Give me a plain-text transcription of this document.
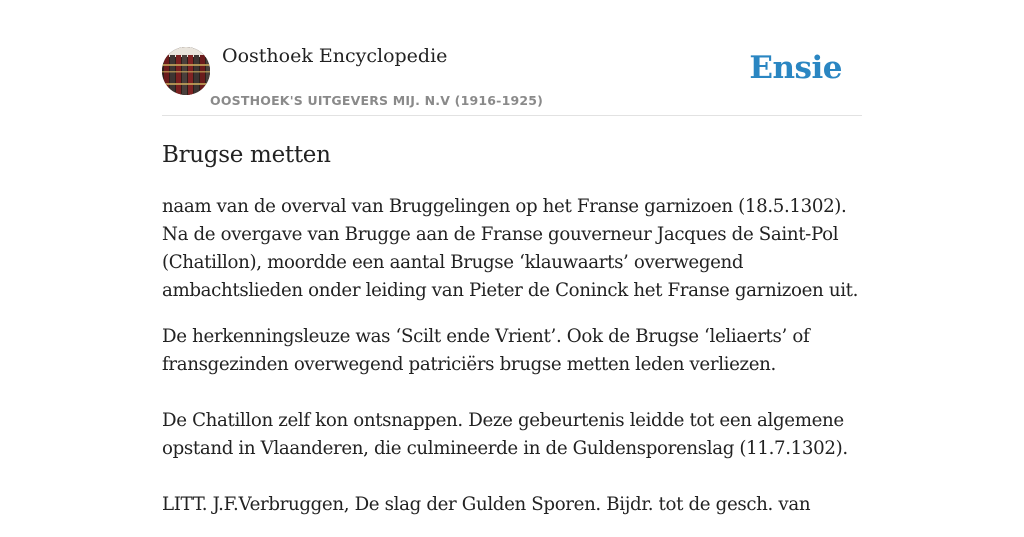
Oosthoek Encyclopedie
OOSTHOEK'S UITGEVERS MIJ. N.V (1916-1925)
Ensie
Brugse metten

naam van de overval van Bruggelingen op het Franse garnizoen (18.5.1302). Na de overgave van Brugge aan de Franse gouverneur Jacques de Saint-Pol (Chatillon), moordde een aantal Brugse ‘klauwaarts’ overwegend ambachtslieden onder leiding van Pieter de Coninck het Franse garnizoen uit.

De herkenningsleuze was ‘Scilt ende Vrient’. Ook de Brugse ‘leliaerts’ of fransgezinden overwegend patriciërs brugse metten leden verliezen.

De Chatillon zelf kon ontsnappen. Deze gebeurtenis leidde tot een algemene opstand in Vlaanderen, die culmineerde in de Guldensporenslag (11.7.1302).

LITT. J.F.Verbruggen, De slag der Gulden Sporen. Bijdr. tot de gesch. van
